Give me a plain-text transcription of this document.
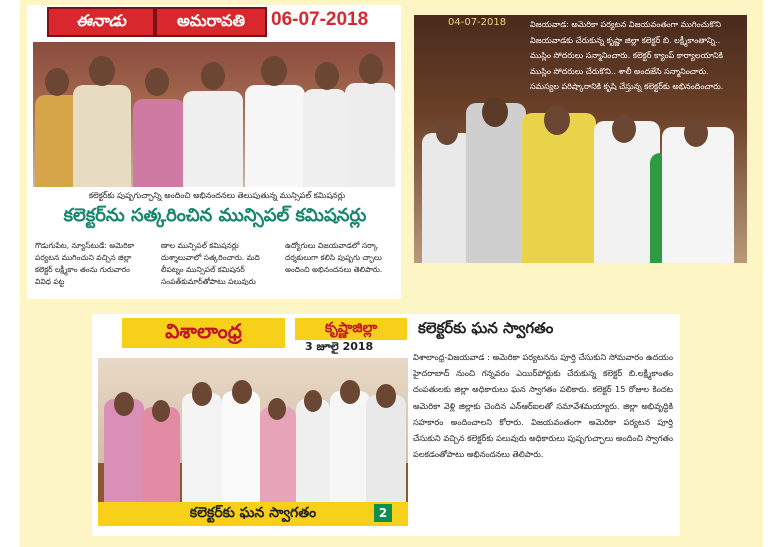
ఈనాడు	అమరావతి	06-07-2018
కలెక్టర్‌కు పుష్పగుచ్ఛాన్ని అందించి అభినందనలు తెలుపుతున్న మున్సిపల్ కమిషనర్లు
కలెక్టర్‌ను సత్కరించిన మున్సిపల్ కమిషనర్లు
గొడుగుపేట, న్యూస్‌టుడే: అమెరికా పర్యటన ముగించుని వచ్చిన జిల్లా కలెక్టర్ లక్ష్మీకాం తంను గురువారం వివిధ పట్ట
ణాల మున్సిపల్ కమిషనర్లు దుశ్శాలువాలో సత్కరించారు. మది లీపట్నం మున్సిపల్ కమిషనర్ సంపత్‌కుమార్‌తోపాటు పలువురు
ఉద్యోగులు విజయవాడలో సర్కా దర్శకులుగా కలిసి పుష్పగు చ్ఛాలు అందించి అభినందనలు తెలిపారు.
04-07-2018	విజయవాడ: అమెరికా పర్యటన విజయవంతంగా ముగించుకొని
విజయవాడకు చేరుకున్న కృష్ణా జిల్లా కలెక్టర్ బి. లక్ష్మీకాంతాన్ని..
ముస్లిం సోదరులు సన్మానించారు. కలెక్టర్ క్యాంప్ కార్యాలయానికి
ముస్లిం సోదరులు చేరుకొని.. శాలీ అందజేసి సన్మానించారు.
సమస్యల పరిష్కారానికి కృషి చేస్తున్న కలెక్టర్‌కు అభినందించారు.
విశాలాంధ్ర	కృష్ణాజిల్లా
3 జూలై 2018
కలెక్టర్‌కు ఘన స్వాగతం
కలెక్టర్‌కు ఘన స్వాగతం	2
విశాలాంధ్ర-విజయవాడ : అమెరికా పర్యటనను పూర్తి చేసుకుని సోమవారం ఉదయం హైదరాబాద్ నుంచి గన్నవరం ఎయిర్‌పోర్టుకు చేరుకున్న కలెక్టర్ బి.లక్ష్మీకాంతం దంపతులకు జిల్లా అధికారులు ఘన స్వాగతం పలికారు. కలెక్టర్ 15 రోజుల కిందట అమెరికా వెళ్లి జిల్లాకు చెందిన ఎన్ఆర్ఐలతో సమావేశమయ్యారు. జిల్లా అభివృద్ధికి సహకారం అందించాలని కోరారు. విజయవంతంగా అమెరికా పర్యటన పూర్తి చేసుకుని వచ్చిన కలెక్టర్‌కు పలువురు అధికారులు పుష్పగుచ్ఛాలు అందించి స్వాగతం పలకడంతోపాటు అభినందనలు తెలిపారు.
